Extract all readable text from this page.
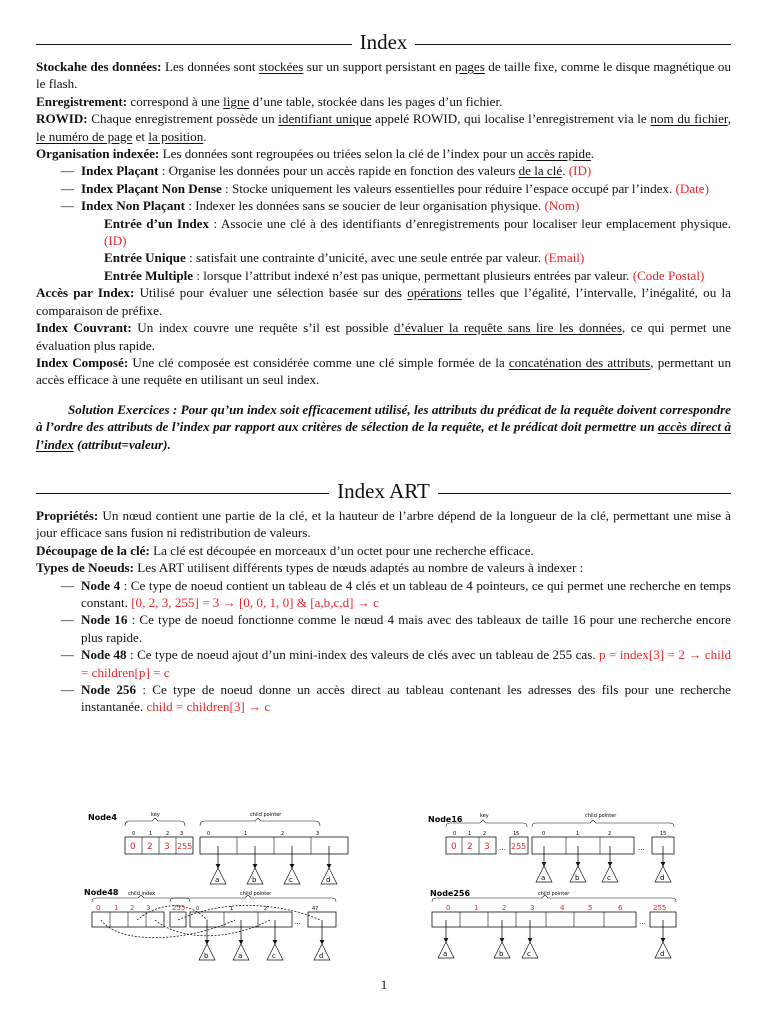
Index

Stockahe des données: Les données sont stockées sur un support persistant en pages de taille fixe, comme le disque magnétique ou le flash.

Enregistrement: correspond à une ligne d’une table, stockée dans les pages d’un fichier.

ROWID: Chaque enregistrement possède un identifiant unique appelé ROWID, qui localise l’enregistrement via le nom du fichier, le numéro de page et la position.

Organisation indexée: Les données sont regroupées ou triées selon la clé de l’index pour un accès rapide.

— Index Plaçant : Organise les données pour un accès rapide en fonction des valeurs de la clé. (ID)
— Index Plaçant Non Dense : Stocke uniquement les valeurs essentielles pour réduire l’espace occupé par l’index. (Date)
— Index Non Plaçant : Indexer les données sans se soucier de leur organisation physique. (Nom)

Entrée d’un Index : Associe une clé à des identifiants d’enregistrements pour localiser leur emplacement physique. (ID)

Entrée Unique : satisfait une contrainte d’unicité, avec une seule entrée par valeur. (Email)

Entrée Multiple : lorsque l’attribut indexé n’est pas unique, permettant plusieurs entrées par valeur. (Code Postal)

Accès par Index: Utilisé pour évaluer une sélection basée sur des opérations telles que l’égalité, l’intervalle, l’inégalité, ou la comparaison de préfixe.

Index Couvrant: Un index couvre une requête s’il est possible d’évaluer la requête sans lire les données, ce qui permet une évaluation plus rapide.

Index Composé: Une clé composée est considérée comme une clé simple formée de la concaténation des attributs, permettant un accès efficace à une requête en utilisant un seul index.

Solution Exercices : Pour qu’un index soit efficacement utilisé, les attributs du prédicat de la requête doivent correspondre à l’ordre des attributs de l’index par rapport aux critères de sélection de la requête, et le prédicat doit permettre un accès direct à l’index (attribut=valeur).

Index ART

Propriétés: Un nœud contient une partie de la clé, et la hauteur de l’arbre dépend de la longueur de la clé, permettant une mise à jour efficace sans fusion ni redistribution de valeurs.

Découpage de la clé: La clé est découpée en morceaux d’un octet pour une recherche efficace.

Types de Noeuds: Les ART utilisent différents types de nœuds adaptés au nombre de valeurs à indexer :

— Node 4 : Ce type de noeud contient un tableau de 4 clés et un tableau de 4 pointeurs, ce qui permet une recherche en temps constant. [0, 2, 3, 255] = 3 → [0, 0, 1, 0] & [a,b,c,d] → c
— Node 16 : Ce type de noeud fonctionne comme le nœud 4 mais avec des tableaux de taille 16 pour une recherche encore plus rapide.
— Node 48 : Ce type de noeud ajout d’un mini-index des valeurs de clés avec un tableau de 255 cas. p = index[3] = 2 → child = children[p] = c
— Node 256 : Ce type de noeud donne un accès direct au tableau contenant les adresses des fils pour une recherche instantanée. child = children[3] → c
Node4	key	child pointer
0	1	2 3	0	1	2	3
0 2 3 255
a	b	c	d
Node16	key	child pointer
0 1 2	15	0	1	2	15
…
0 2 3	255	…
a	b	c	d
Node48 child index	child pointer
0 1 2 3	255 0	1	2	47
…
b	a	c	d
Node256	child pointer
0	1	2	3	4	5	6	255
…
a	b	c	d
1
